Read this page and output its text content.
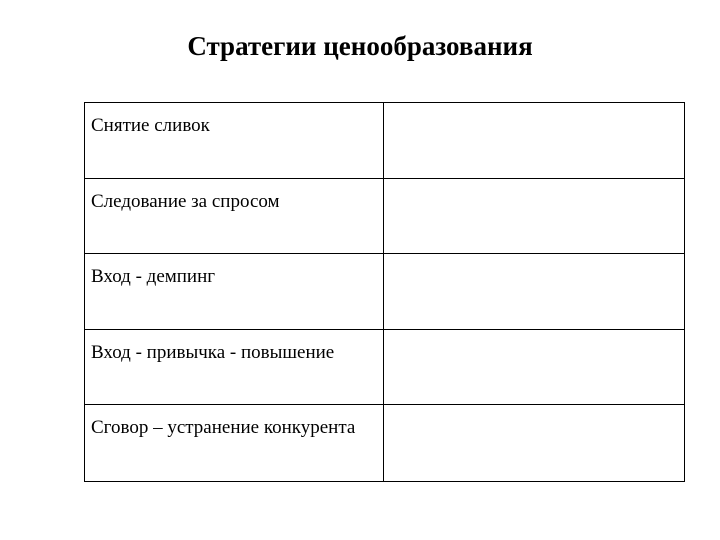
Стратегии ценообразования
Снятие сливок
Следование за спросом
Вход - демпинг
Вход - привычка - повышение
Сговор – устранение конкурента
